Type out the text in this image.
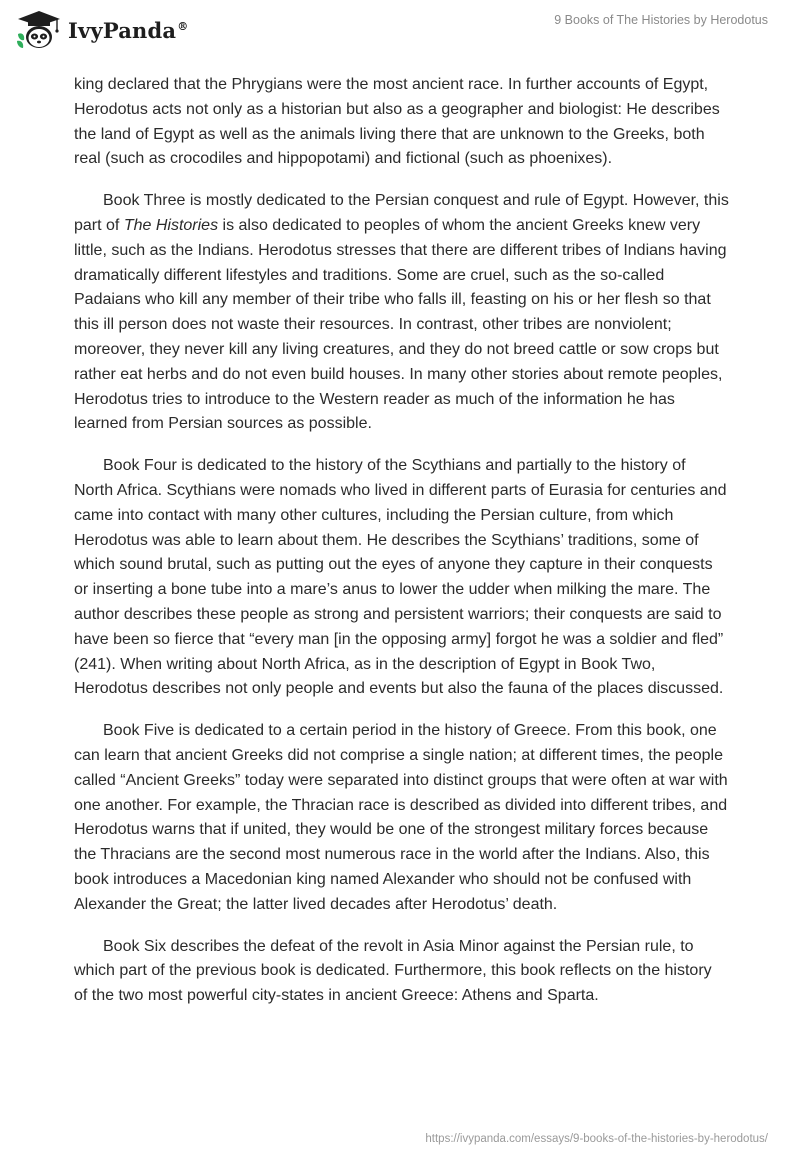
IvyPanda®	9 Books of The Histories by Herodotus

king declared that the Phrygians were the most ancient race. In further accounts of Egypt, Herodotus acts not only as a historian but also as a geographer and biologist: He describes the land of Egypt as well as the animals living there that are unknown to the Greeks, both real (such as crocodiles and hippopotami) and fictional (such as phoenixes).

Book Three is mostly dedicated to the Persian conquest and rule of Egypt. However, this part of The Histories is also dedicated to peoples of whom the ancient Greeks knew very little, such as the Indians. Herodotus stresses that there are different tribes of Indians having dramatically different lifestyles and traditions. Some are cruel, such as the so-called Padaians who kill any member of their tribe who falls ill, feasting on his or her flesh so that this ill person does not waste their resources. In contrast, other tribes are nonviolent; moreover, they never kill any living creatures, and they do not breed cattle or sow crops but rather eat herbs and do not even build houses. In many other stories about remote peoples, Herodotus tries to introduce to the Western reader as much of the information he has learned from Persian sources as possible.

Book Four is dedicated to the history of the Scythians and partially to the history of North Africa. Scythians were nomads who lived in different parts of Eurasia for centuries and came into contact with many other cultures, including the Persian culture, from which Herodotus was able to learn about them. He describes the Scythians’ traditions, some of which sound brutal, such as putting out the eyes of anyone they capture in their conquests or inserting a bone tube into a mare’s anus to lower the udder when milking the mare. The author describes these people as strong and persistent warriors; their conquests are said to have been so fierce that “every man [in the opposing army] forgot he was a soldier and fled” (241). When writing about North Africa, as in the description of Egypt in Book Two, Herodotus describes not only people and events but also the fauna of the places discussed.

Book Five is dedicated to a certain period in the history of Greece. From this book, one can learn that ancient Greeks did not comprise a single nation; at different times, the people called “Ancient Greeks” today were separated into distinct groups that were often at war with one another. For example, the Thracian race is described as divided into different tribes, and Herodotus warns that if united, they would be one of the strongest military forces because the Thracians are the second most numerous race in the world after the Indians. Also, this book introduces a Macedonian king named Alexander who should not be confused with Alexander the Great; the latter lived decades after Herodotus’ death.

Book Six describes the defeat of the revolt in Asia Minor against the Persian rule, to which part of the previous book is dedicated. Furthermore, this book reflects on the history of the two most powerful city-states in ancient Greece: Athens and Sparta.

https://ivypanda.com/essays/9-books-of-the-histories-by-herodotus/
